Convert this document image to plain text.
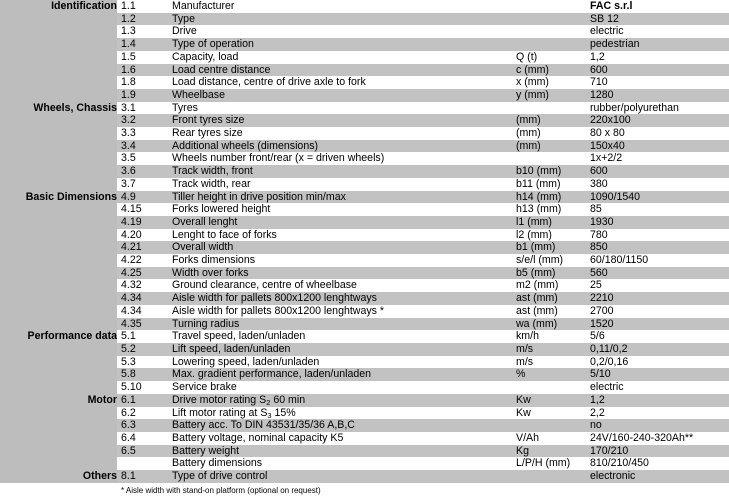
Identification	1.1	Manufacturer		FAC s.r.l
	1.2	Type		SB 12
	1.3	Drive		electric
	1.4	Type of operation		pedestrian
	1.5	Capacity, load	Q (t)	1,2
	1.6	Load centre distance	c (mm)	600
	1.8	Load distance, centre of drive axle to fork	x (mm)	710
	1.9	Wheelbase	y (mm)	1280
Wheels, Chassis	3.1	Tyres		rubber/polyurethan
	3.2	Front tyres size	(mm)	220x100
	3.3	Rear tyres size	(mm)	80 x 80
	3.4	Additional wheels (dimensions)	(mm)	150x40
	3.5	Wheels number front/rear (x = driven wheels)		1x+2/2
	3.6	Track width, front	b10 (mm)	600
	3.7	Track width, rear	b11 (mm)	380
Basic Dimensions	4.9	Tiller height in drive position min/max	h14 (mm)	1090/1540
	4.15	Forks lowered height	h13 (mm)	85
	4.19	Overall lenght	l1 (mm)	1930
	4.20	Lenght to face of forks	l2 (mm)	780
	4.21	Overall width	b1 (mm)	850
	4.22	Forks dimensions	s/e/l (mm)	60/180/1150
	4.25	Width over forks	b5 (mm)	560
	4.32	Ground clearance, centre of wheelbase	m2 (mm)	25
	4.34	Aisle width for pallets 800x1200 lenghtways	ast (mm)	2210
	4.34	Aisle width for pallets 800x1200 lenghtways *	ast (mm)	2700
	4.35	Turning radius	wa (mm)	1520
Performance data	5.1	Travel speed, laden/unladen	km/h	5/6
	5.2	Lift speed, laden/unladen	m/s	0,11/0,2
	5.3	Lowering speed, laden/unladen	m/s	0,2/0,16
	5.8	Max. gradient performance, laden/unladen	%	5/10
	5.10	Service brake		electric
Motor	6.1	Drive motor rating $S_2$ 60 min	Kw	1,2
	6.2	Lift motor rating at $S_3$ 15%	Kw	2,2
	6.3	Battery acc. To DIN 43531/35/36 A,B,C		no
	6.4	Battery voltage, nominal capacity K5	V/Ah	24V/160-240-320Ah**
	6.5	Battery weight	Kg	170/210
		Battery dimensions	L/P/H (mm)	810/210/450
Others	8.1	Type of drive control		electronic
* Aisle width with stand-on platform (optional on request)
